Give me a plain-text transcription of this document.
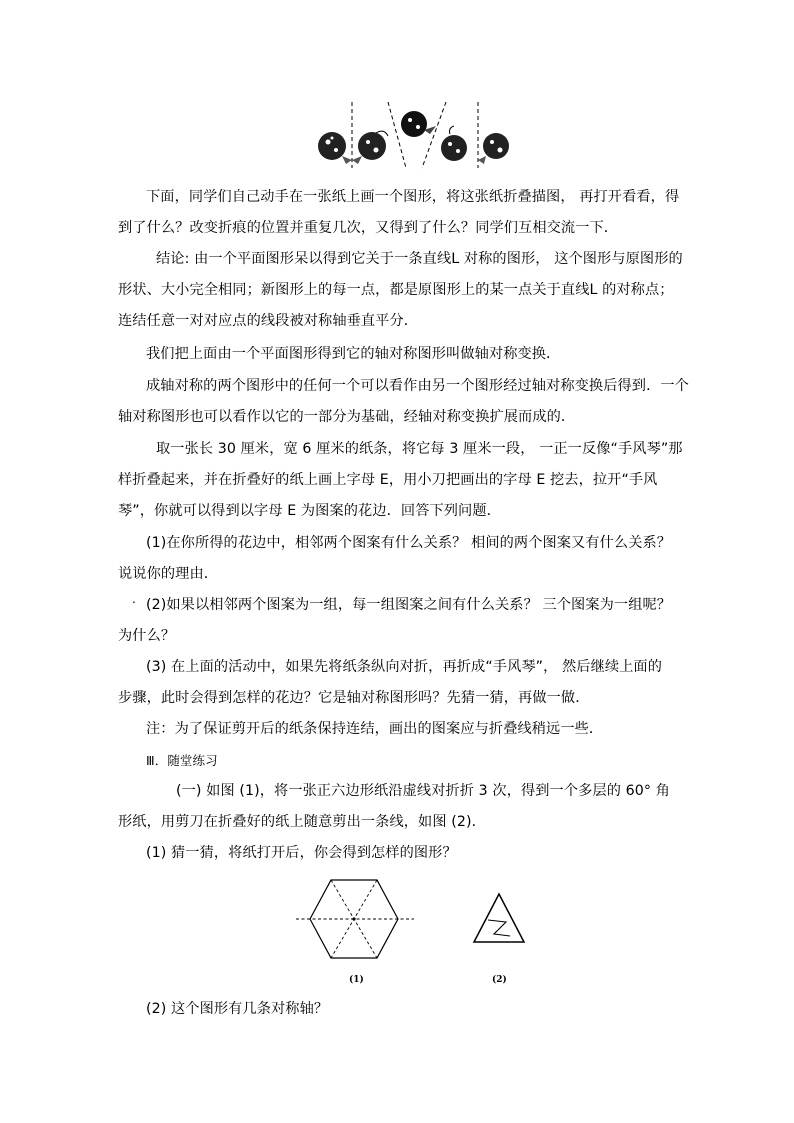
下面，同学们自己动手在一张纸上画一个图形，将这张纸折叠描图， 再打开看看，得
到了什么？改变折痕的位置并重复几次，又得到了什么？同学们互相交流一下．
结论: 由一个平面图形呆以得到它关于一条直线L 对称的图形， 这个图形与原图形的
形状、大小完全相同；新图形上的每一点，都是原图形上的某一点关于直线L 的对称点；
连结任意一对对应点的线段被对称轴垂直平分．
我们把上面由一个平面图形得到它的轴对称图形叫做轴对称变换．
成轴对称的两个图形中的任何一个可以看作由另一个图形经过轴对称变换后得到．一个
轴对称图形也可以看作以它的一部分为基础，经轴对称变换扩展而成的．
取一张长 30 厘米，宽 6 厘米的纸条，将它每 3 厘米一段， 一正一反像“手风琴”那
样折叠起来，并在折叠好的纸上画上字母 E，用小刀把画出的字母 E 挖去，拉开“手风
琴”，你就可以得到以字母 E 为图案的花边．回答下列问题．
(1)在你所得的花边中，相邻两个图案有什么关系？ 相间的两个图案又有什么关系？
说说你的理由．
. (2)如果以相邻两个图案为一组，每一组图案之间有什么关系？ 三个图案为一组呢？
为什么？
(3) 在上面的活动中，如果先将纸条纵向对折，再折成“手风琴”， 然后继续上面的
步骤，此时会得到怎样的花边？它是轴对称图形吗？先猜一猜，再做一做．
注：为了保证剪开后的纸条保持连结，画出的图案应与折叠线稍远一些．
Ⅲ．随堂练习
(一) 如图 (1)，将一张正六边形纸沿虚线对折折 3 次，得到一个多层的 60° 角
形纸，用剪刀在折叠好的纸上随意剪出一条线，如图 (2)．
(1) 猜一猜，将纸打开后，你会得到怎样的图形？
(1)	(2)
(2) 这个图形有几条对称轴？
